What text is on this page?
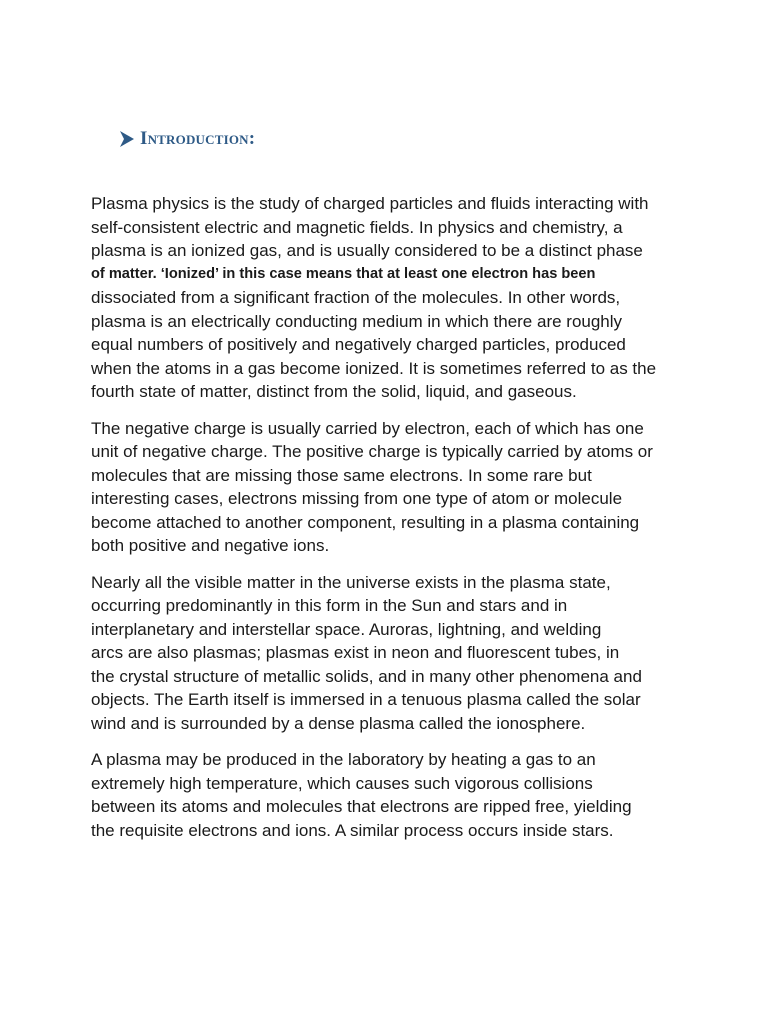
Introduction:
Plasma physics is the study of charged particles and fluids interacting with
self-consistent electric and magnetic fields. In physics and chemistry, a
plasma is an ionized gas, and is usually considered to be a distinct phase
of matter. ‘Ionized’ in this case means that at least one electron has been
dissociated from a significant fraction of the molecules. In other words,
plasma is an electrically conducting medium in which there are roughly
equal numbers of positively and negatively charged particles, produced
when the atoms in a gas become ionized. It is sometimes referred to as the
fourth state of matter, distinct from the solid, liquid, and gaseous.
The negative charge is usually carried by electron, each of which has one
unit of negative charge. The positive charge is typically carried by atoms or
molecules that are missing those same electrons. In some rare but
interesting cases, electrons missing from one type of atom or molecule
become attached to another component, resulting in a plasma containing
both positive and negative ions.
Nearly all the visible matter in the universe exists in the plasma state,
occurring predominantly in this form in the Sun and stars and in
interplanetary and interstellar space. Auroras, lightning, and welding
arcs are also plasmas; plasmas exist in neon and fluorescent tubes, in
the crystal structure of metallic solids, and in many other phenomena and
objects. The Earth itself is immersed in a tenuous plasma called the solar
wind and is surrounded by a dense plasma called the ionosphere.
A plasma may be produced in the laboratory by heating a gas to an
extremely high temperature, which causes such vigorous collisions
between its atoms and molecules that electrons are ripped free, yielding
the requisite electrons and ions. A similar process occurs inside stars.
